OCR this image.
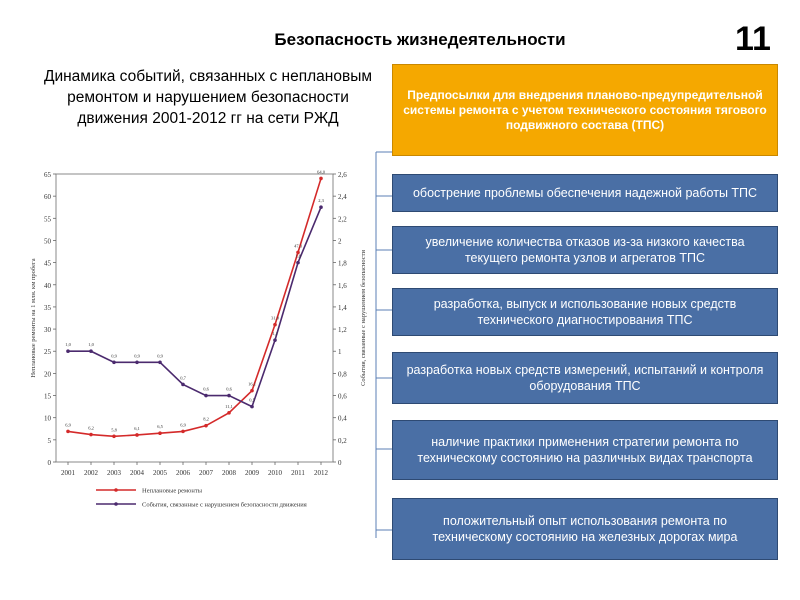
Безопасность жизнедеятельности	11
Динамика событий, связанных с неплановым ремонтом и нарушением безопасности движения 2001-2012 гг на сети РЖД
0
5
10
15
20
25
30
35
40
45
50
55
60
65
0
0,2
0,4
0,6
0,8
1
1,2
1,4
1,6
1,8
2
2,2
2,4
2,6
2001 2002 2003 2004 2005 2006 2007 2008 2009 2010 2011 2012
Неплановые ремонты на 1 млн. км пробега	События, связанные с нарушением безопасности
6,9
6,2	5,8	6,1	6,5	6,9
8,2
11,1
16,1
31,0
47,3
64,0
1,0	1,0
0,9	0,9	0,9
0,7
0,6	0,6
0,5
1,1
1,8
2,3
Неплановые ремонты
События, связанные с нарушением безопасности движения
Предпосылки для внедрения планово-предупредительной системы ремонта с учетом технического состояния тягового подвижного состава (ТПС)
обострение проблемы обеспечения надежной работы ТПС
увеличение количества отказов из-за низкого качества текущего ремонта узлов и агрегатов ТПС
разработка, выпуск и использование новых средств технического диагностирования ТПС
разработка новых средств измерений, испытаний и контроля оборудования ТПС
наличие практики применения стратегии ремонта по техническому состоянию на различных видах транспорта
положительный опыт использования ремонта по техническому состоянию на железных дорогах мира
